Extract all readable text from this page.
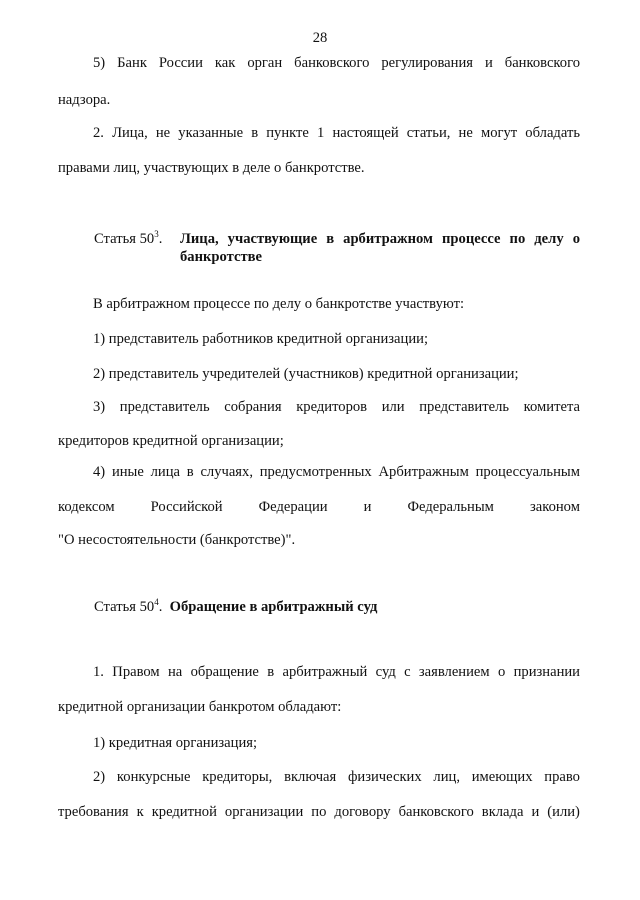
28
5) Банк России как орган банковского регулирования и банковского
надзора.
2. Лица, не указанные в пункте 1 настоящей статьи, не могут обладать
правами лиц, участвующих в деле о банкротстве.
Статья $50^3$. Лица, участвующие в арбитражном процессе по делу о
банкротстве
В арбитражном процессе по делу о банкротстве участвуют:
1) представитель работников кредитной организации;
2) представитель учредителей (участников) кредитной организации;
3) представитель собрания кредиторов или представитель комитета
кредиторов кредитной организации;
4) иные лица в случаях, предусмотренных Арбитражным процессуальным
кодексом Российской Федерации и Федеральным законом
"О несостоятельности (банкротстве)".
Статья $50^4$. Обращение в арбитражный суд
1. Правом на обращение в арбитражный суд с заявлением о признании
кредитной организации банкротом обладают:
1) кредитная организация;
2) конкурсные кредиторы, включая физических лиц, имеющих право
требования к кредитной организации по договору банковского вклада и (или)
